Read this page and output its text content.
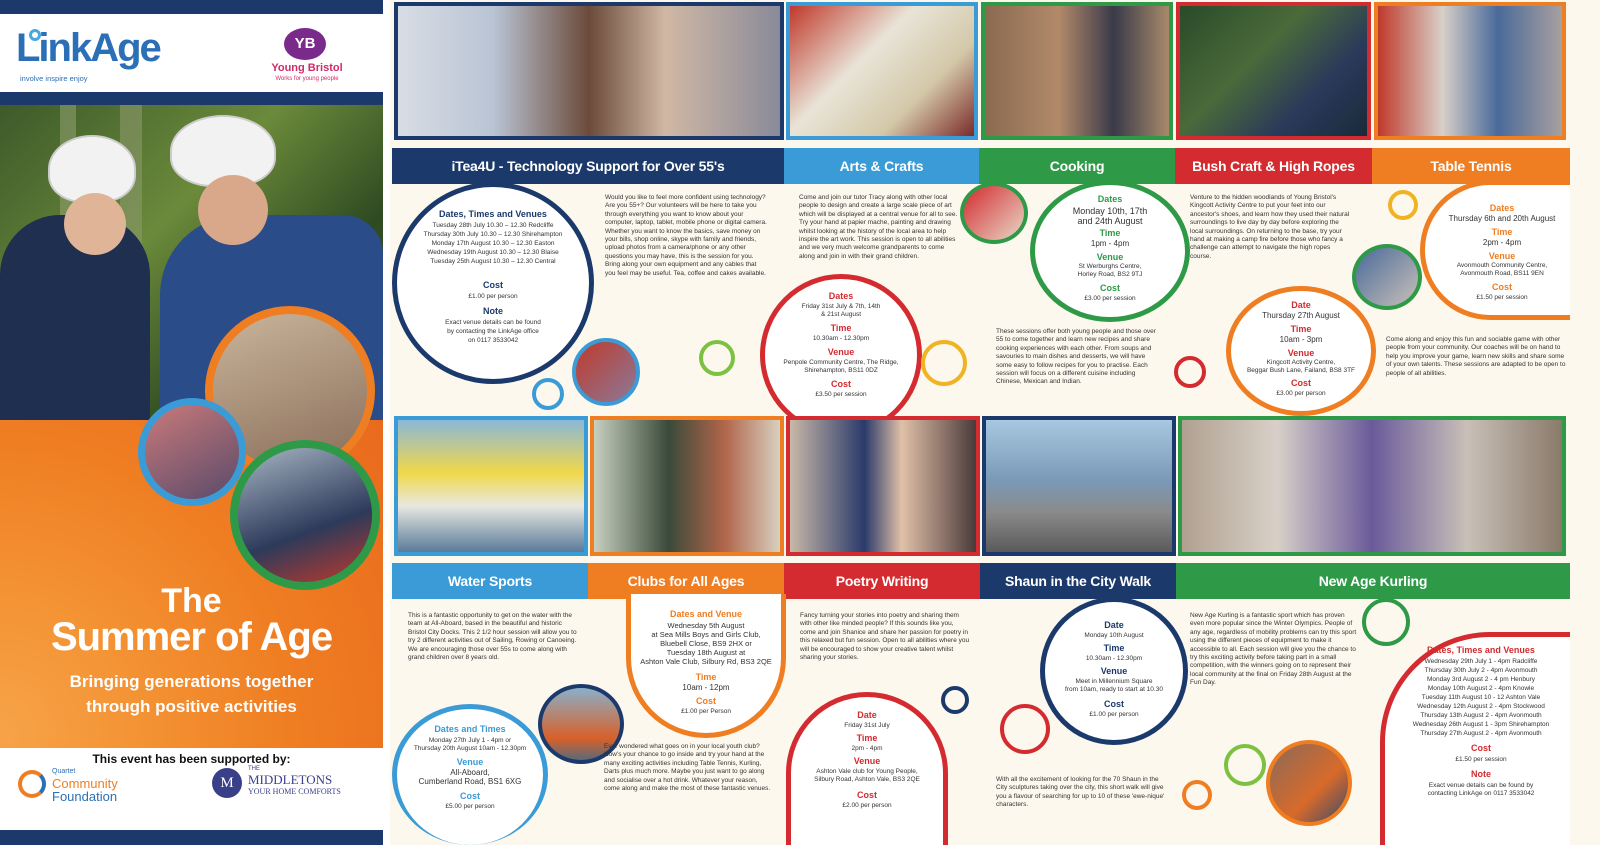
LinkAge
involve inspire enjoy
YB
Young Bristol
Works for young people
The
Summer of Age
Bringing generations together
through positive activities
This event has been supported by:
Quartet
Community
Foundation
M
THE
MIDDLETONS
YOUR HOME COMFORTS
iTea4U - Technology Support for Over 55's	Arts & Crafts	Cooking	Bush Craft & High Ropes	Table Tennis
Dates, Times and Venues
Tuesday 28th July 10.30 – 12.30 Redcliffe
Thursday 30th July 10.30 – 12.30 Shirehampton
Monday 17th August 10.30 – 12.30 Easton
Wednesday 19th August 10.30 – 12.30 Blaise
Tuesday 25th August 10.30 – 12.30 Central
Cost
£1.00 per person
Note
Exact venue details can be found
by contacting the LinkAge office
on 0117 3533042
Would you like to feel more confident using technology? Are you 55+? Our volunteers will be here to take you through everything you want to know about your computer, laptop, tablet, mobile phone or digital camera. Whether you want to know the basics, save money on your bills, shop online, skype with family and friends, upload photos from a camera/phone or any other questions you may have, this is the session for you. Bring along your own equipment and any cables that you feel may be useful. Tea, coffee and cakes available.
Come and join our tutor Tracy along with other local people to design and create a large scale piece of art which will be displayed at a central venue for all to see. Try your hand at papier mache, painting and drawing whilst looking at the history of the local area to help inspire the art work. This session is open to all abilities and we very much welcome grandparents to come along and join in with their grand children.
Dates
Friday 31st July & 7th, 14th
& 21st August
Time
10.30am - 12.30pm
Venue
Penpole Community Centre, The Ridge,
Shirehampton, BS11 0DZ
Cost
£3.50 per session
Dates
Monday 10th, 17th
and 24th August
Time
1pm - 4pm
Venue
St Werburghs Centre,
Horley Road, BS2 9TJ
Cost
£3.00 per session
These sessions offer both young people and those over 55 to come together and learn new recipes and share cooking experiences with each other. From soups and savouries to main dishes and desserts, we will have some easy to follow recipes for you to practise. Each session will focus on a different cuisine including Chinese, Mexican and Indian.
Venture to the hidden woodlands of Young Bristol's Kingcott Activity Centre to put your feet into our ancestor's shoes, and learn how they used their natural surroundings to live day by day before exploring the local surroundings. On returning to the base, try your hand at making a camp fire before those who fancy a challenge can attempt to navigate the high ropes course.
Date
Thursday 27th August
Time
10am - 3pm
Venue
Kingcott Activity Centre,
Beggar Bush Lane, Failand, BS8 3TF
Cost
£3.00 per person
Dates
Thursday 6th and 20th August
Time
2pm - 4pm
Venue
Avonmouth Community Centre,
Avonmouth Road, BS11 9EN
Cost
£1.50 per session
Come along and enjoy this fun and sociable game with other people from your community. Our coaches will be on hand to help you improve your game, learn new skills and share some of your own talents. These sessions are adapted to be open to people of all abilities.
Water Sports	Clubs for All Ages	Poetry Writing	Shaun in the City Walk	New Age Kurling
This is a fantastic opportunity to get on the water with the team at All-Aboard, based in the beautiful and historic Bristol City Docks. This 2 1/2 hour session will allow you to try 2 different activities out of Sailing, Rowing or Canoeing. We are encouraging those over 55s to come along with grand children over 8 years old.
Dates and Times
Monday 27th July 1 - 4pm or
Thursday 20th August 10am - 12.30pm
Venue
All-Aboard,
Cumberland Road, BS1 6XG
Cost
£5.00 per person
Dates and Venue
Wednesday 5th August
at Sea Mills Boys and Girls Club,
Bluebell Close, BS9 2HX or
Tuesday 18th August at
Ashton Vale Club, Silbury Rd, BS3 2QE
Time
10am - 12pm
Cost
£1.00 per Person
Ever wondered what goes on in your local youth club? Now's your chance to go inside and try your hand at the many exciting activities including Table Tennis, Kurling, Darts plus much more. Maybe you just want to go along and socialise over a hot drink. Whatever your reason, come along and make the most of these fantastic venues.
Fancy turning your stories into poetry and sharing them with other like minded people? If this sounds like you, come and join Shanice and share her passion for poetry in this relaxed but fun session. Open to all abilities where you will be encouraged to show your creative talent whilst sharing your stories.
Date
Friday 31st July
Time
2pm - 4pm
Venue
Ashton Vale club for Young People,
Silbury Road, Ashton Vale, BS3 2QE
Cost
£2.00 per person
Date
Monday 10th August
Time
10.30am - 12.30pm
Venue
Meet in Millennium Square
from 10am, ready to start at 10.30
Cost
£1.00 per person
With all the excitement of looking for the 70 Shaun in the City sculptures taking over the city, this short walk will give you a flavour of searching for up to 10 of these 'ewe-nique' characters.
New Age Kurling is a fantastic sport which has proven even more popular since the Winter Olympics. People of any age, regardless of mobility problems can try this sport using the different pieces of equipment to make it accessible to all. Each session will give you the chance to try this exciting activity before taking part in a small competition, with the winners going on to represent their local community at the final on Friday 28th August at the Fun Day.
Dates, Times and Venues
Wednesday 29th July 1 - 4pm Radcliffe
Thursday 30th July 2 - 4pm Avonmouth
Monday 3rd August 2 - 4 pm Henbury
Monday 10th August 2 - 4pm Knowle
Tuesday 11th August 10 - 12 Ashton Vale
Wednesday 12th August 2 - 4pm Stockwood
Thursday 13th August 2 - 4pm Avonmouth
Wednesday 26th August 1 - 3pm Shirehampton
Thursday 27th August 2 - 4pm Avonmouth
Cost
£1.50 per session
Note
Exact venue details can be found by
contacting LinkAge on 0117 3533042
